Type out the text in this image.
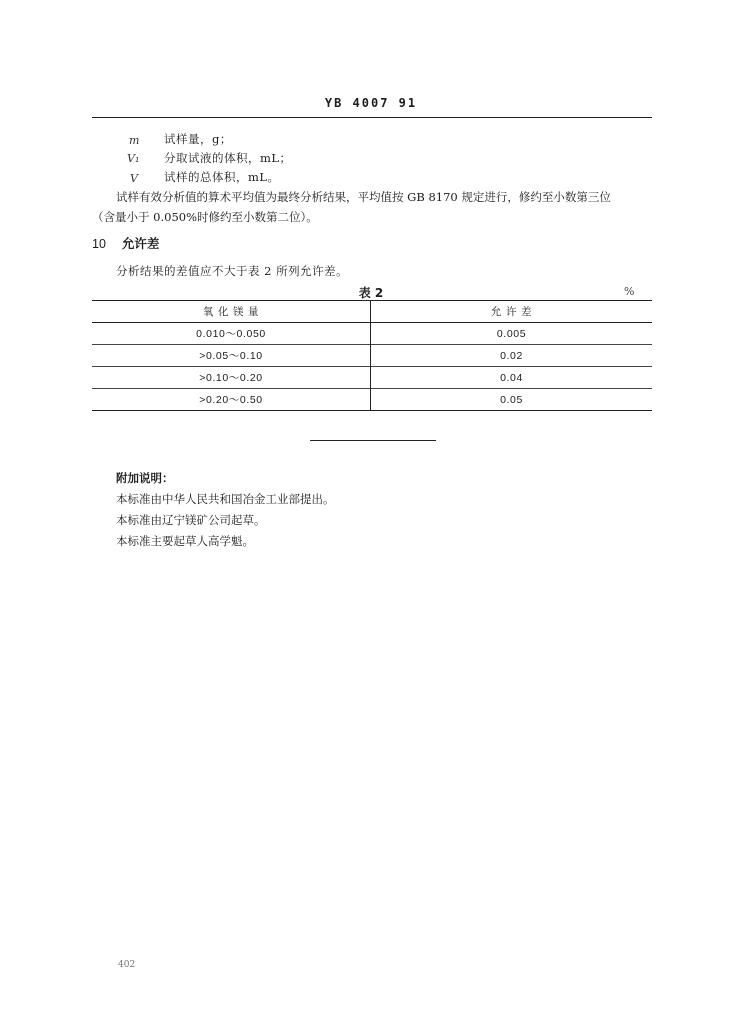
YB 4007 91
m 试样量，g；
V₁ 分取试液的体积，mL；
V 试样的总体积，mL。
试样有效分析值的算术平均值为最终分析结果，平均值按 GB 8170 规定进行，修约至小数第三位
（含量小于 0.050%时修约至小数第二位）。
10 允许差
分析结果的差值应不大于表 2 所列允许差。
表 2	%
氧 化 镁 量	允 许 差
0.010～0.050	0.005
>0.05～0.10	0.02
>0.10～0.20	0.04
>0.20～0.50	0.05
附加说明：
本标准由中华人民共和国冶金工业部提出。
本标准由辽宁镁矿公司起草。
本标准主要起草人高学魁。
402
